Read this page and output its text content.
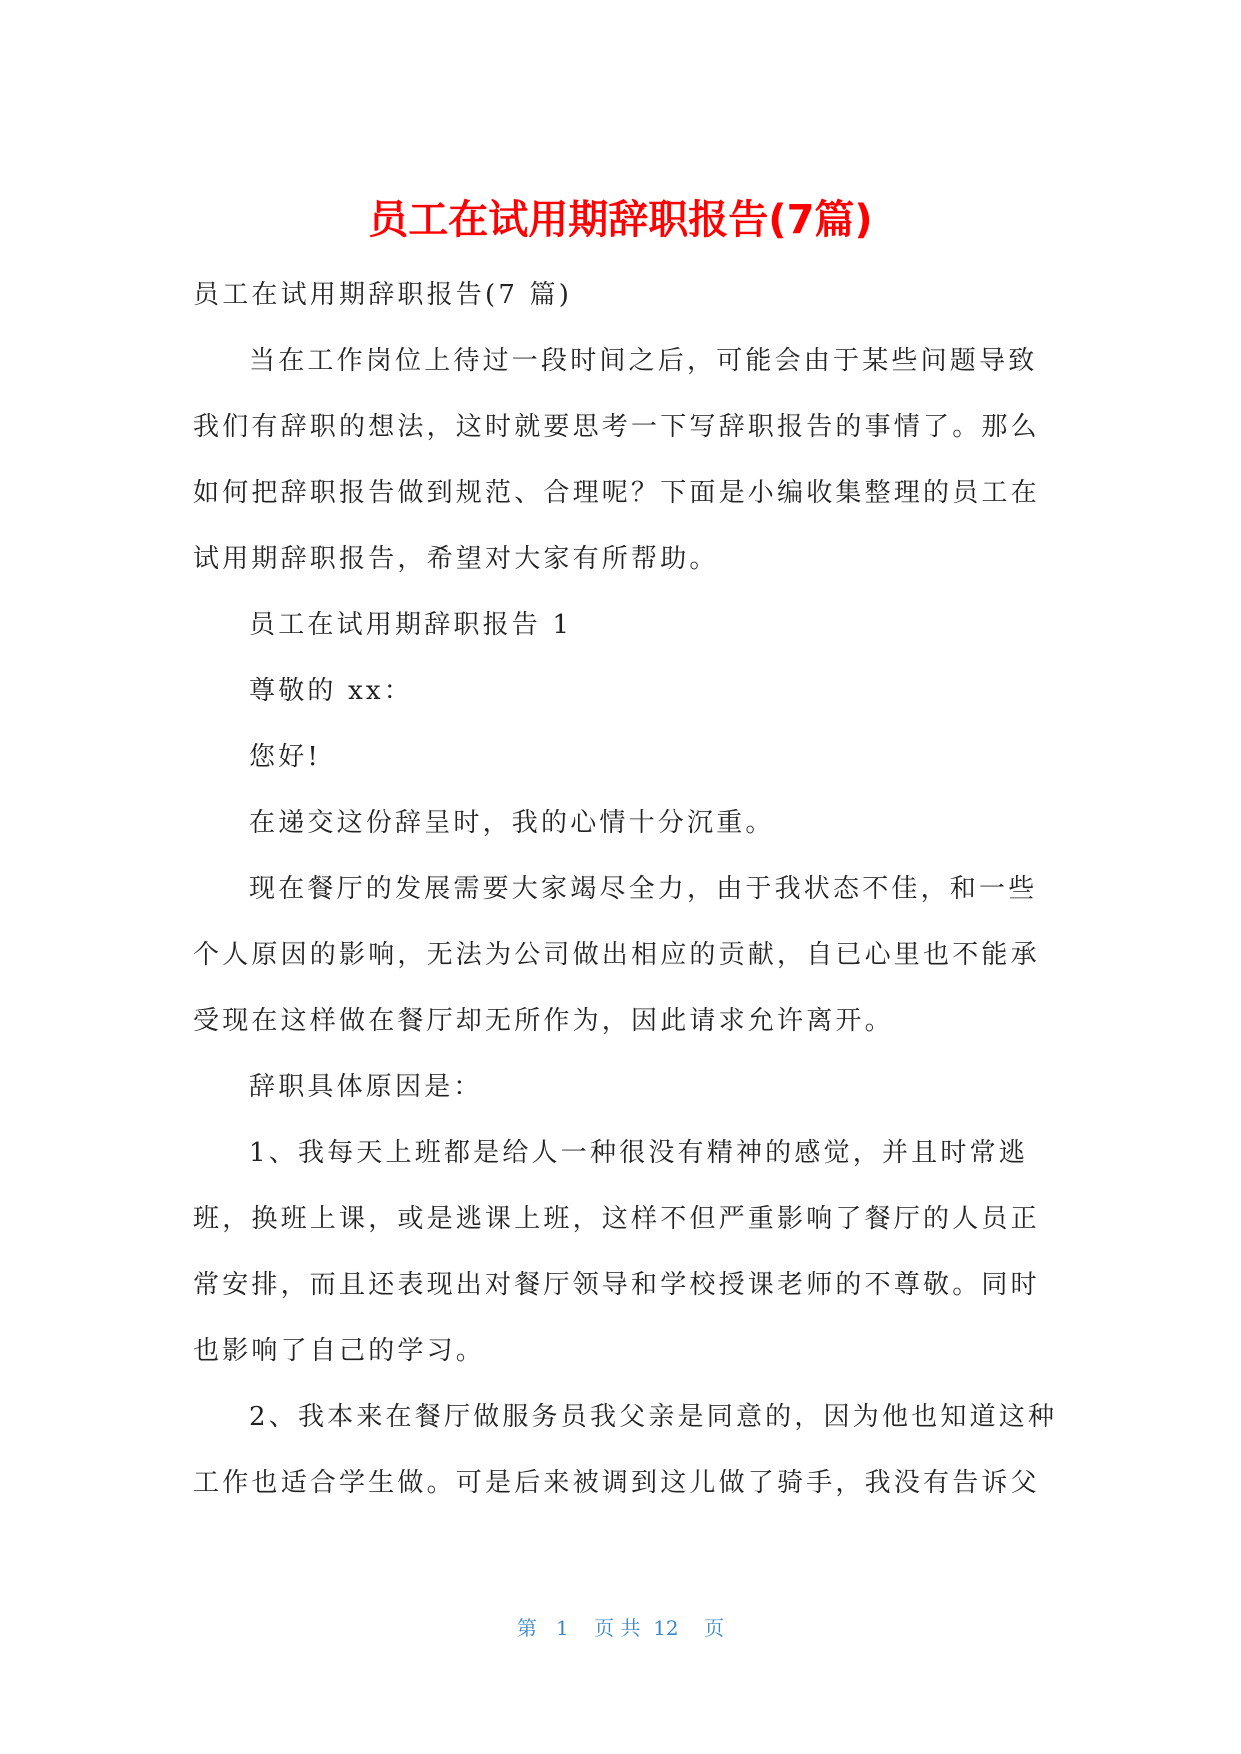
员工在试用期辞职报告(7篇)

员工在试用期辞职报告(7 篇)

当在工作岗位上待过一段时间之后，可能会由于某些问题导致

我们有辞职的想法，这时就要思考一下写辞职报告的事情了。那么

如何把辞职报告做到规范、合理呢？下面是小编收集整理的员工在

试用期辞职报告，希望对大家有所帮助。

员工在试用期辞职报告 1

尊敬的 xx：

您好!

在递交这份辞呈时，我的心情十分沉重。

现在餐厅的发展需要大家竭尽全力，由于我状态不佳，和一些

个人原因的影响，无法为公司做出相应的贡献，自已心里也不能承

受现在这样做在餐厅却无所作为，因此请求允许离开。

辞职具体原因是：

1、我每天上班都是给人一种很没有精神的感觉，并且时常逃

班，换班上课，或是逃课上班，这样不但严重影响了餐厅的人员正

常安排，而且还表现出对餐厅领导和学校授课老师的不尊敬。同时

也影响了自己的学习。

2、我本来在餐厅做服务员我父亲是同意的，因为他也知道这种

工作也适合学生做。可是后来被调到这儿做了骑手，我没有告诉父

第   1    页 共  12    页
